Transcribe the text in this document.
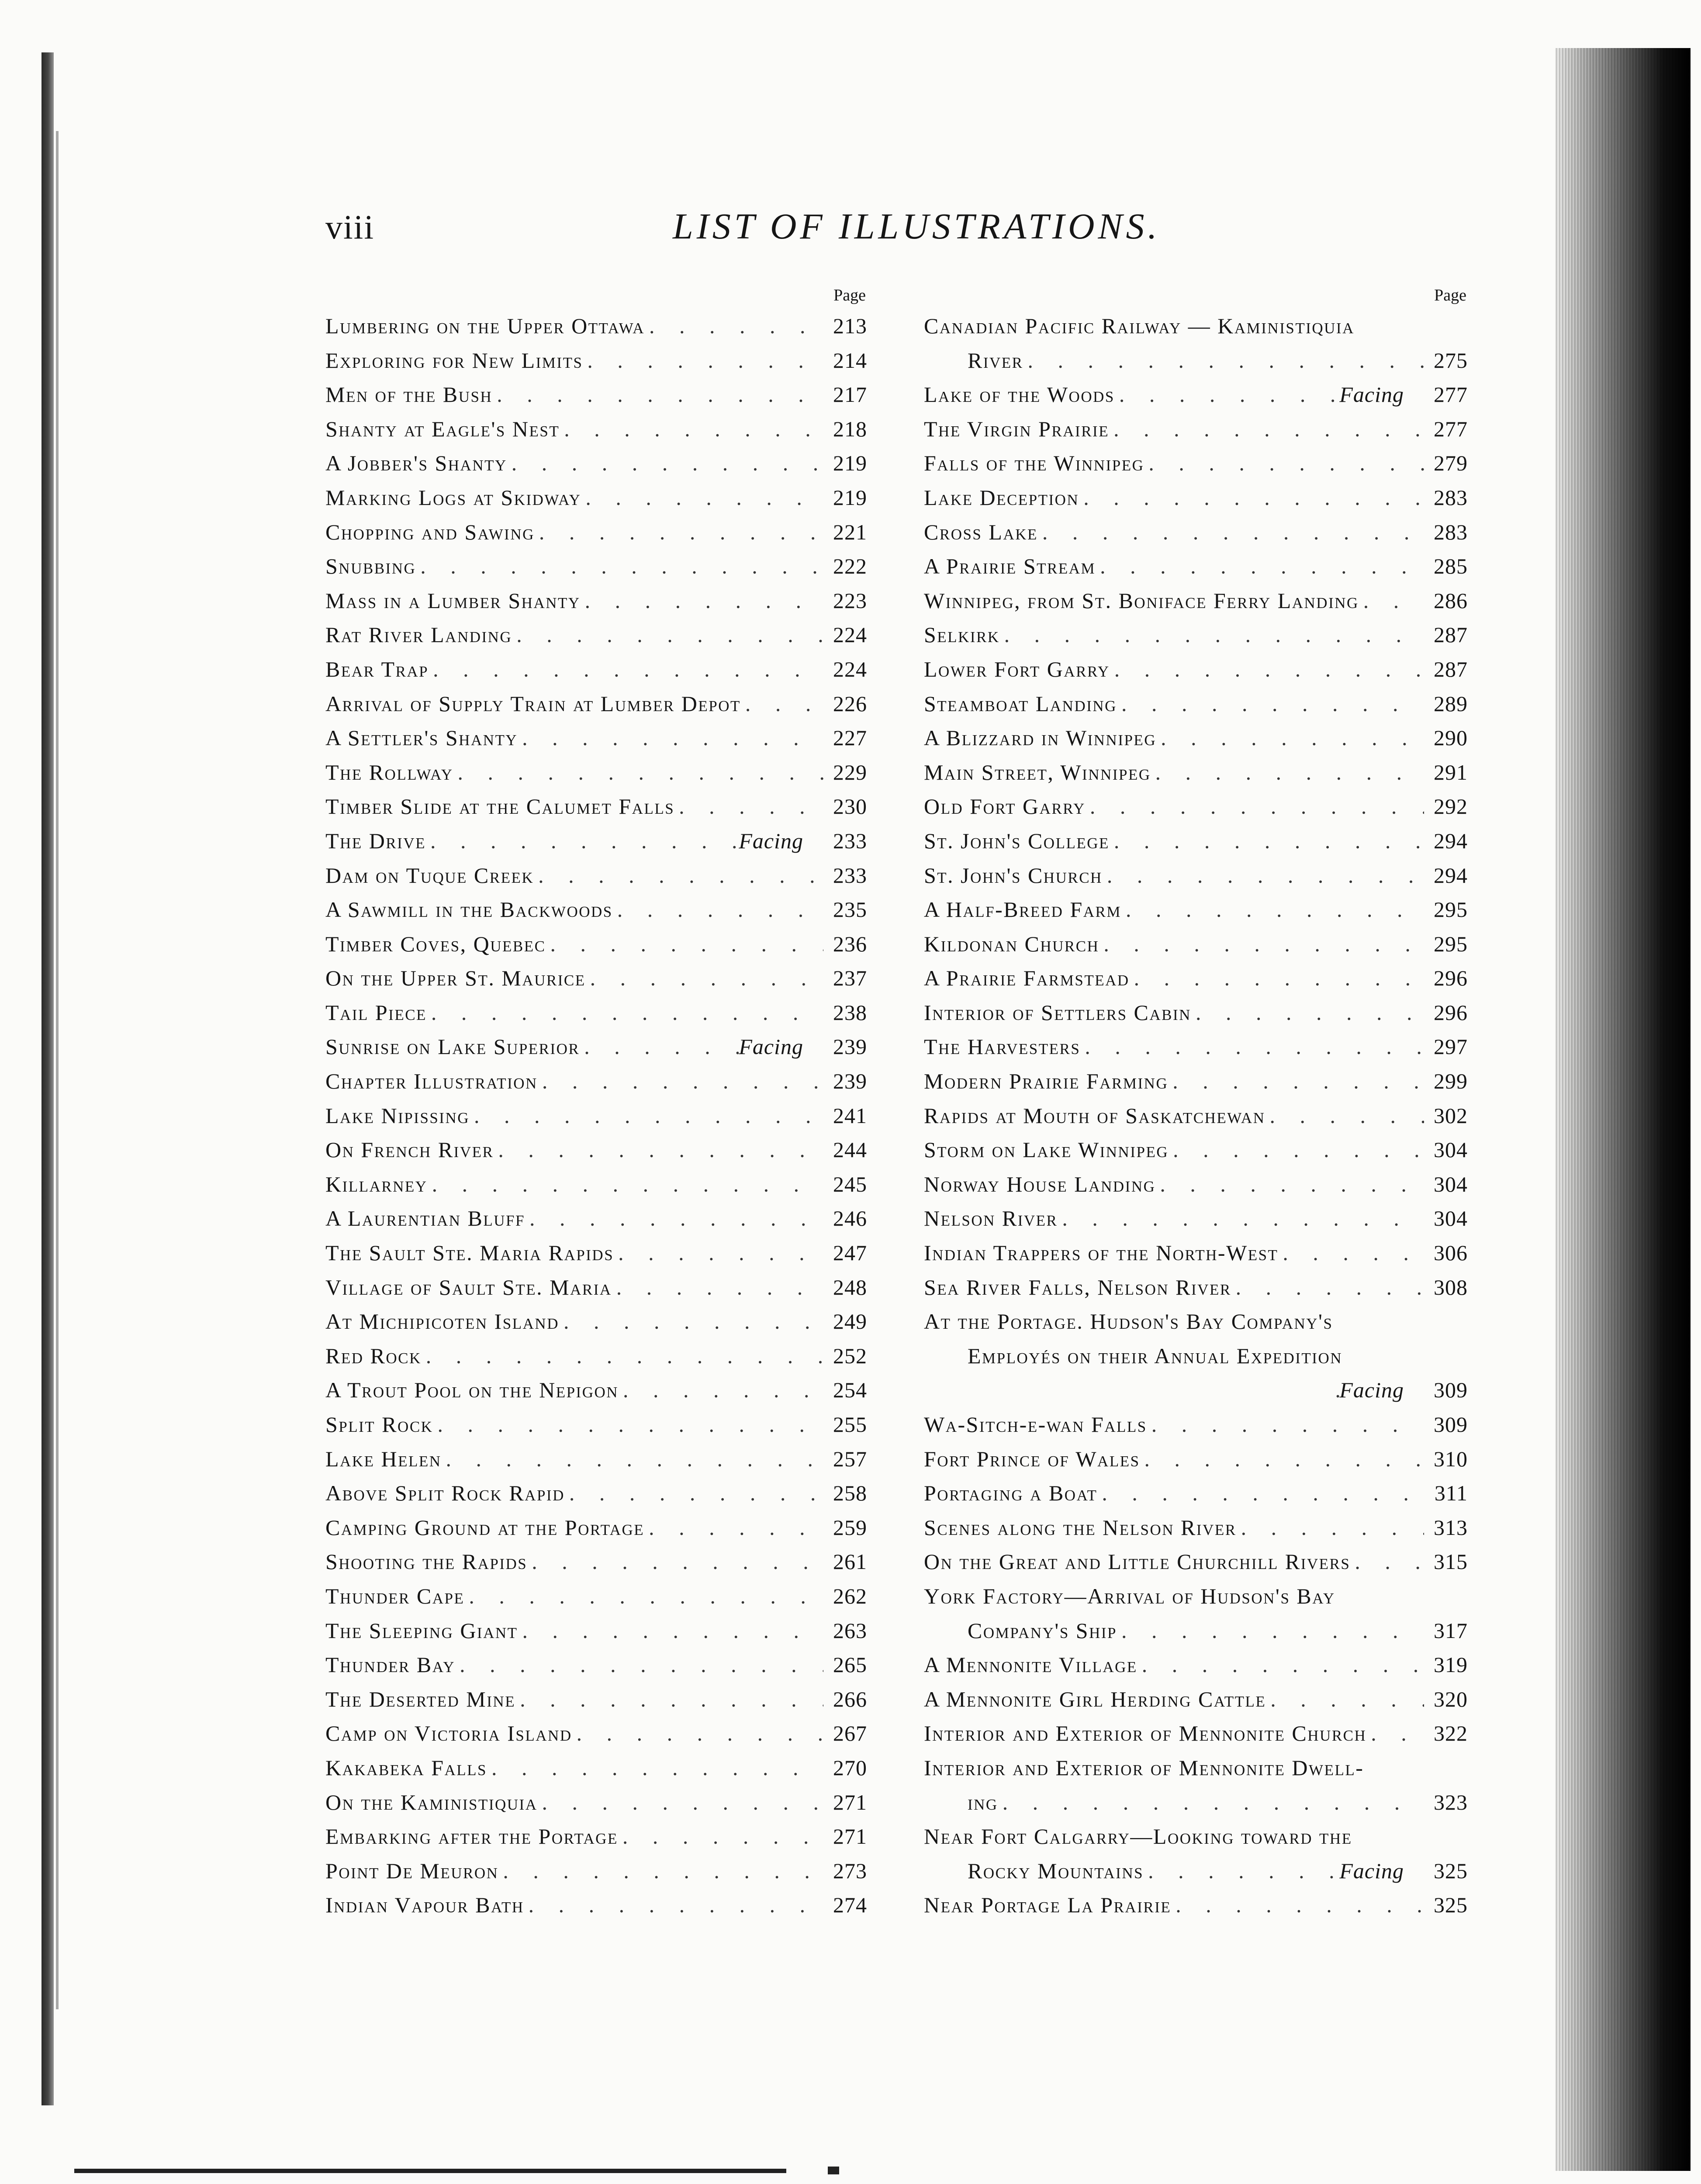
viii	LIST OF ILLUSTRATIONS.
Page
Lumbering on the Upper Ottawa . . .	213
Exploring for New Limits . . .	214
Men of the Bush . . .	217
Shanty at Eagle's Nest . . .	218
A Jobber's Shanty . . .	219
Marking Logs at Skidway . . .	219
Chopping and Sawing . . .	221
Snubbing . . .	222
Mass in a Lumber Shanty . . .	223
Rat River Landing . . .	224
Bear Trap . . .	224
Arrival of Supply Train at Lumber Depot . . .	226
A Settler's Shanty . . .	227
The Rollway . . .	229
Timber Slide at the Calumet Falls . . .	230
The Drive . . .	Facing	233
Dam on Tuque Creek . . .	233
A Sawmill in the Backwoods . . .	235
Timber Coves, Quebec . . .	236
On the Upper St. Maurice . . .	237
Tail Piece . . .	238
Sunrise on Lake Superior . . .	Facing	239
Chapter Illustration . . .	239
Lake Nipissing . . .	241
On French River . . .	244
Killarney . . .	245
A Laurentian Bluff . . .	246
The Sault Ste. Maria Rapids . . .	247
Village of Sault Ste. Maria . . .	248
At Michipicoten Island . . .	249
Red Rock . . .	252
A Trout Pool on the Nepigon . . .	254
Split Rock . . .	255
Lake Helen . . .	257
Above Split Rock Rapid . . .	258
Camping Ground at the Portage . . .	259
Shooting the Rapids . . .	261
Thunder Cape . . .	262
The Sleeping Giant . . .	263
Thunder Bay . . .	265
The Deserted Mine . . .	266
Camp on Victoria Island . . .	267
Kakabeka Falls . . .	270
On the Kaministiquia . . .	271
Embarking after the Portage . . .	271
Point De Meuron . . .	273
Indian Vapour Bath . . .	274
Page
Canadian Pacific Railway — Kaministiquia
River . . .	275
Lake of the Woods . . .	Facing	277
The Virgin Prairie . . .	277
Falls of the Winnipeg . . .	279
Lake Deception . . .	283
Cross Lake . . .	283
A Prairie Stream . . .	285
Winnipeg, from St. Boniface Ferry Landing . . .	286
Selkirk . . .	287
Lower Fort Garry . . .	287
Steamboat Landing . . .	289
A Blizzard in Winnipeg . . .	290
Main Street, Winnipeg . . .	291
Old Fort Garry . . .	292
St. John's College . . .	294
St. John's Church . . .	294
A Half-Breed Farm . . .	295
Kildonan Church . . .	295
A Prairie Farmstead . . .	296
Interior of Settlers Cabin . . .	296
The Harvesters . . .	297
Modern Prairie Farming . . .	299
Rapids at Mouth of Saskatchewan . . .	302
Storm on Lake Winnipeg . . .	304
Norway House Landing . . .	304
Nelson River . . .	304
Indian Trappers of the North-West . . .	306
Sea River Falls, Nelson River . . .	308
At the Portage. Hudson's Bay Company's
Employés on their Annual Expedition
. . .
Facing	309
Wa-Sitch-e-wan Falls . . .	309
Fort Prince of Wales . . .	310
Portaging a Boat . . .	311
Scenes along the Nelson River . . .	313
On the Great and Little Churchill Rivers . . .	315
York Factory—Arrival of Hudson's Bay
Company's Ship . . .	317
A Mennonite Village . . .	319
A Mennonite Girl Herding Cattle . . .	320
Interior and Exterior of Mennonite Church . . .	322
Interior and Exterior of Mennonite Dwell-
ing . . .	323
Near Fort Calgarry—Looking toward the
Rocky Mountains . . .	Facing	325
Near Portage La Prairie . . .	325
